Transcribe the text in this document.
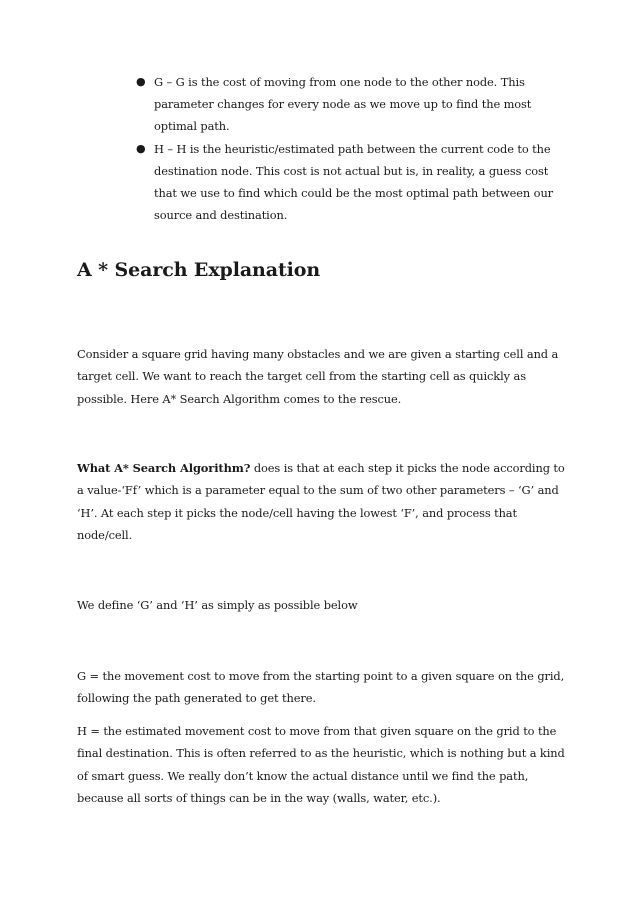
● G – G is the cost of moving from one node to the other node. This parameter changes for every node as we move up to find the most optimal path.
● H – H is the heuristic/estimated path between the current code to the destination node. This cost is not actual but is, in reality, a guess cost that we use to find which could be the most optimal path between our source and destination.
A * Search Explanation

Consider a square grid having many obstacles and we are given a starting cell and a target cell. We want to reach the target cell from the starting cell as quickly as possible. Here A* Search Algorithm comes to the rescue.

What A* Search Algorithm? does is that at each step it picks the node according to a value-‘Ff’ which is a parameter equal to the sum of two other parameters – ‘G’ and ‘H’. At each step it picks the node/cell having the lowest ‘F’, and process that node/cell.

We define ‘G’ and ‘H’ as simply as possible below

G = the movement cost to move from the starting point to a given square on the grid, following the path generated to get there.

H = the estimated movement cost to move from that given square on the grid to the final destination. This is often referred to as the heuristic, which is nothing but a kind of smart guess. We really don’t know the actual distance until we find the path, because all sorts of things can be in the way (walls, water, etc.).
